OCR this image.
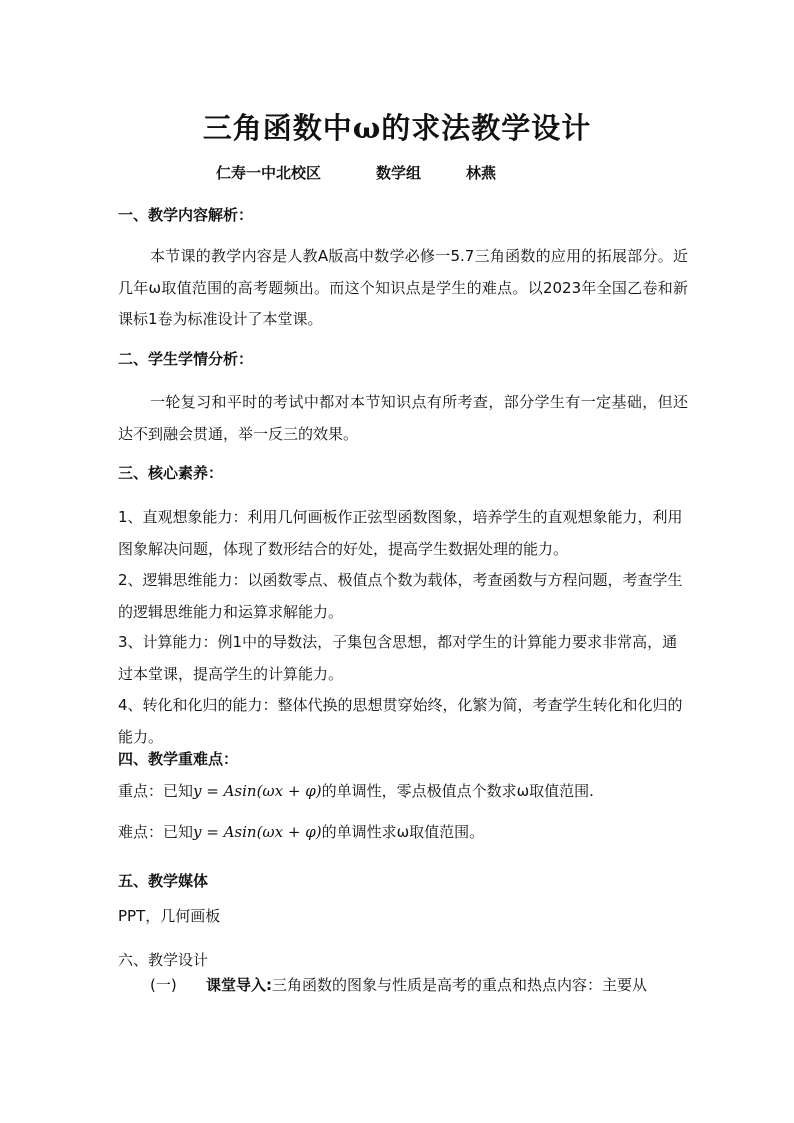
三角函数中ω的求法教学设计
仁寿一中北校区	数学组	林燕
一、教学内容解析：
本节课的教学内容是人教A版高中数学必修一5.7三角函数的应用的拓展部分。近几年ω取值范围的高考题频出。而这个知识点是学生的难点。以2023年全国乙卷和新课标1卷为标准设计了本堂课。
二、学生学情分析：
一轮复习和平时的考试中都对本节知识点有所考查，部分学生有一定基础，但还达不到融会贯通，举一反三的效果。
三、核心素养：
1、直观想象能力：利用几何画板作正弦型函数图象，培养学生的直观想象能力，利用图象解决问题，体现了数形结合的好处，提高学生数据处理的能力。
2、逻辑思维能力：以函数零点、极值点个数为载体，考查函数与方程问题，考查学生的逻辑思维能力和运算求解能力。
3、计算能力：例1中的导数法，子集包含思想，都对学生的计算能力要求非常高，通过本堂课，提高学生的计算能力。
4、转化和化归的能力：整体代换的思想贯穿始终，化繁为简，考查学生转化和化归的能力。
四、教学重难点：
重点：已知y = Asin(ωx + φ)的单调性，零点极值点个数求ω取值范围.
难点：已知y = Asin(ωx + φ)的单调性求ω取值范围。
五、教学媒体
PPT，几何画板
六、教学设计
(一) 课堂导入:三角函数的图象与性质是高考的重点和热点内容：主要从
